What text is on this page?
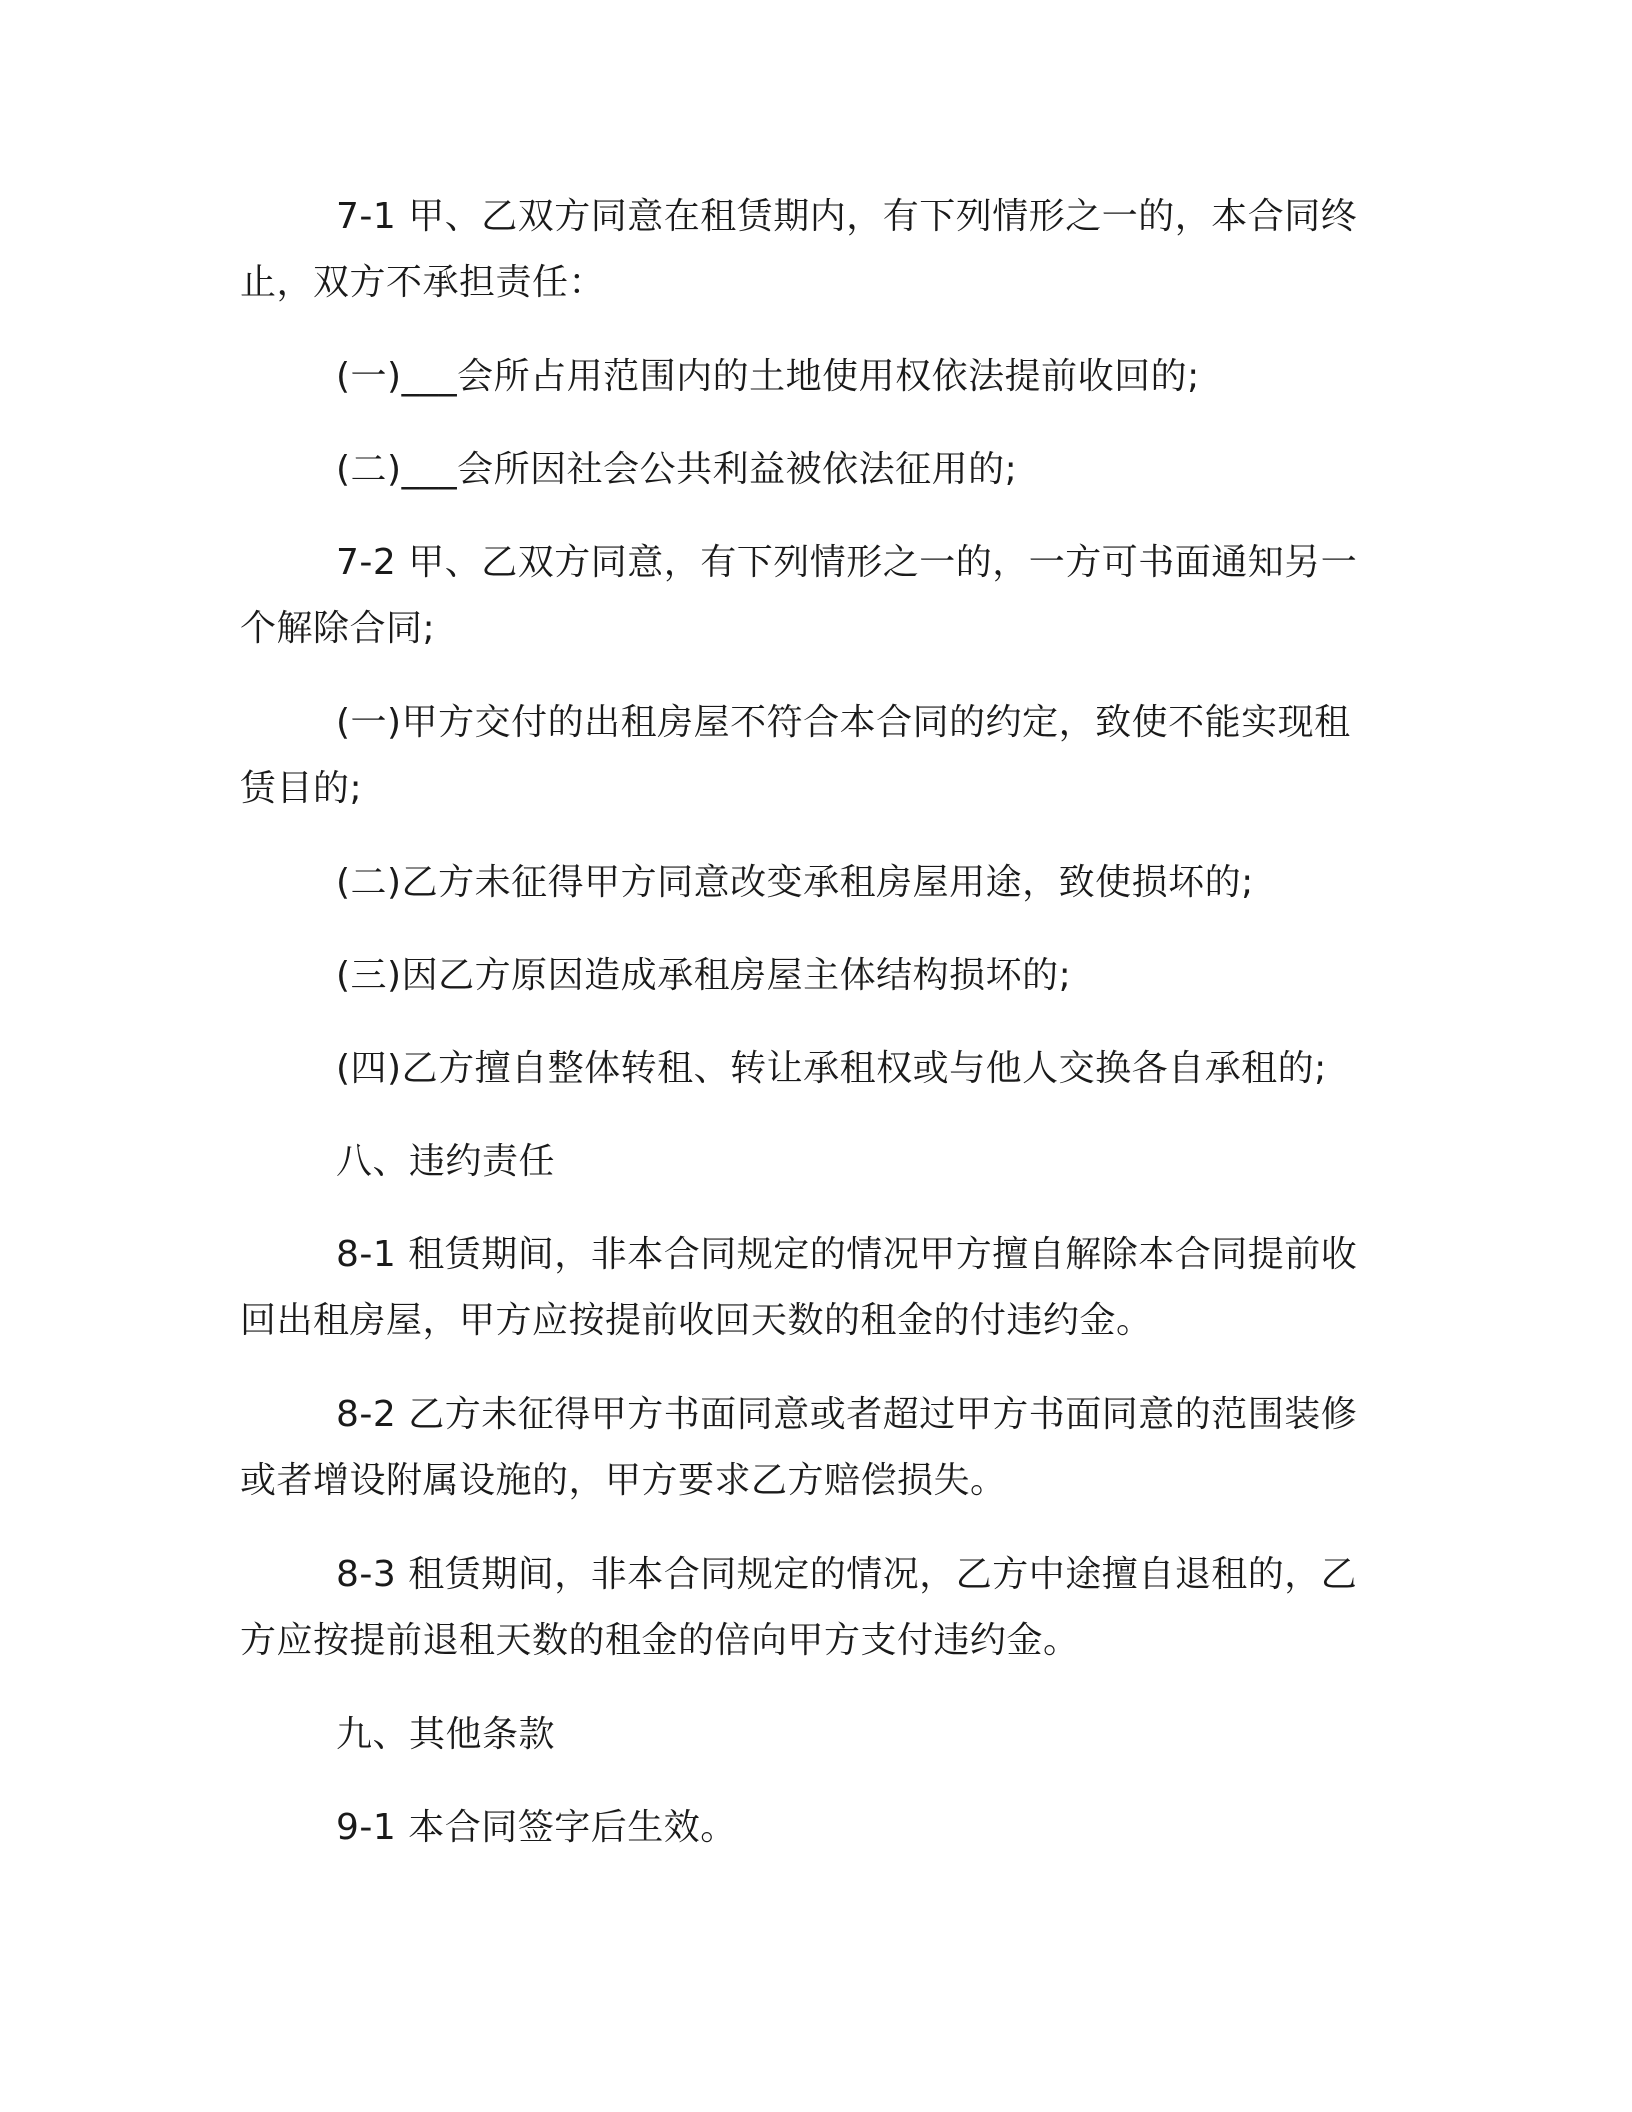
7-1 甲、乙双方同意在租赁期内，有下列情形之一的，本合同终止，双方不承担责任：

(一)___会所占用范围内的土地使用权依法提前收回的;

(二)___会所因社会公共利益被依法征用的;

7-2 甲、乙双方同意，有下列情形之一的，一方可书面通知另一个解除合同;

(一)甲方交付的出租房屋不符合本合同的约定，致使不能实现租赁目的;

(二)乙方未征得甲方同意改变承租房屋用途，致使损坏的;

(三)因乙方原因造成承租房屋主体结构损坏的;

(四)乙方擅自整体转租、转让承租权或与他人交换各自承租的;

八、违约责任

8-1 租赁期间，非本合同规定的情况甲方擅自解除本合同提前收回出租房屋，甲方应按提前收回天数的租金的付违约金。

8-2 乙方未征得甲方书面同意或者超过甲方书面同意的范围装修或者增设附属设施的，甲方要求乙方赔偿损失。

8-3 租赁期间，非本合同规定的情况，乙方中途擅自退租的，乙方应按提前退租天数的租金的倍向甲方支付违约金。

九、其他条款

9-1 本合同签字后生效。
